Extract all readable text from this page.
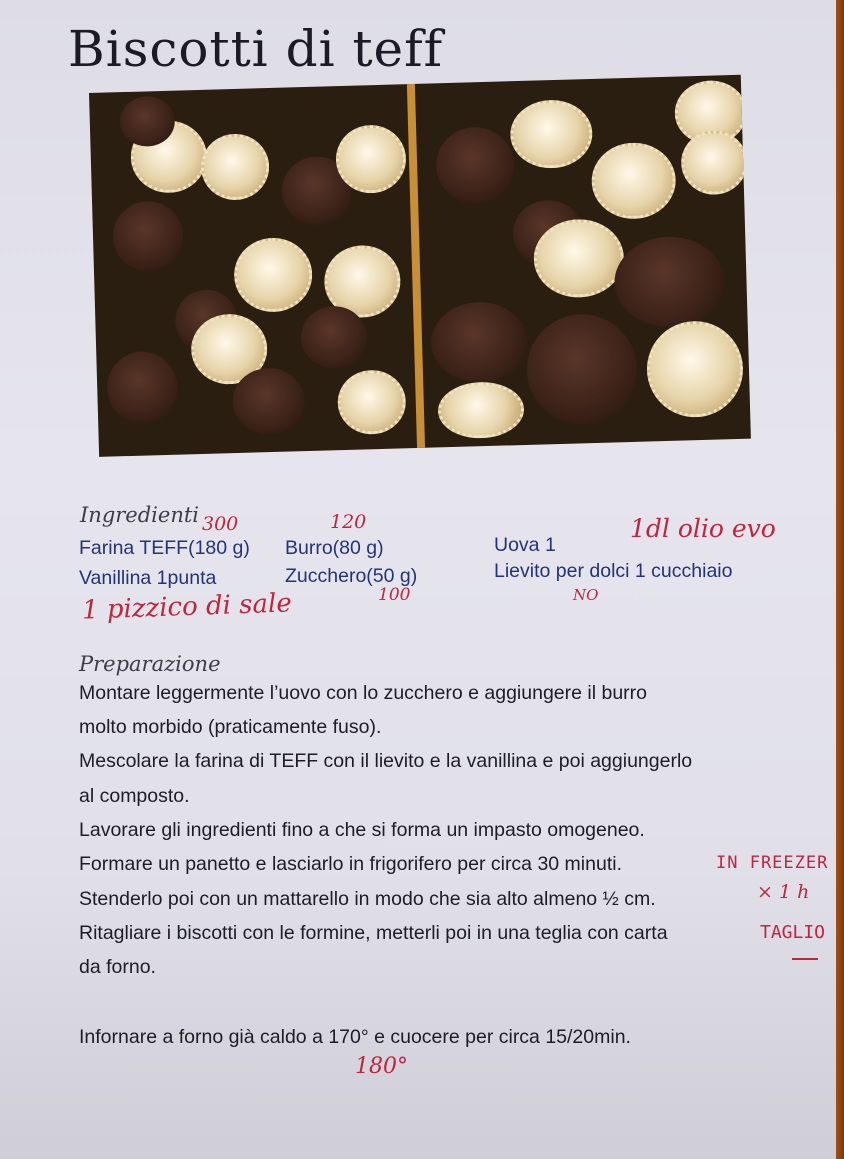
Biscotti di teff
Ingredienti 300	120	1dl olio evo
Farina TEFF(180 g) Burro(80 g)	Uova 1
Vanillina 1punta	Zucchero(50 g)	Lievito per dolci 1 cucchiaio
100	NO
1 pizzico di sale
Preparazione
Montare leggermente l’uovo con lo zucchero e aggiungere il burro
molto morbido (praticamente fuso).
Mescolare la farina di TEFF con il lievito e la vanillina e poi aggiungerlo
al composto.
Lavorare gli ingredienti fino a che si forma un impasto omogeneo.
Formare un panetto e lasciarlo in frigorifero per circa 30 minuti.
Stenderlo poi con un mattarello in modo che sia alto almeno ½ cm.
Ritagliare i biscotti con le formine, metterli poi in una teglia con carta
da forno.
IN FREEZER
× 1 h
TAGLIO
Infornare a forno già caldo a 170° e cuocere per circa 15/20min.
180°
